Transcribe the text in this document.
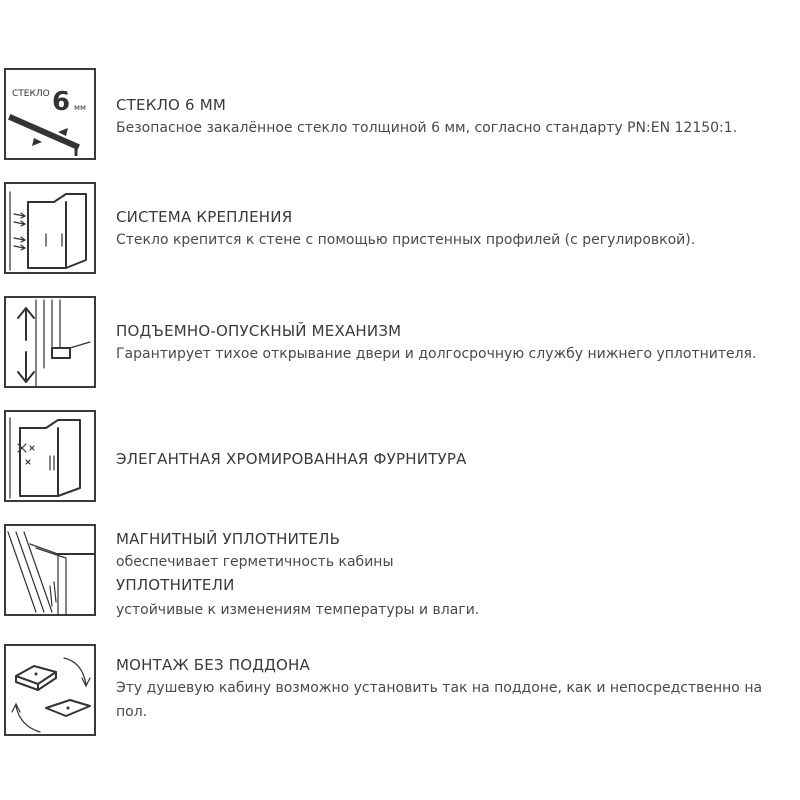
СТЕКЛО 6 мм СТЕКЛО 6 ММ
Безопасное закалённое стекло толщиной 6 мм, согласно стандарту PN:EN 12150:1.
СИСТЕМА КРЕПЛЕНИЯ
Стекло крепится к стене с помощью пристенных профилей (с регулировкой).
ПОДЪЕМНО-ОПУСКНЫЙ МЕХАНИЗМ
Гарантирует тихое открывание двери и долгосрочную службу нижнего уплотнителя.
ЭЛЕГАНТНАЯ ХРОМИРОВАННАЯ ФУРНИТУРА
МАГНИТНЫЙ УПЛОТНИТЕЛЬ
обеспечивает герметичность кабины
УПЛОТНИТЕЛИ
устойчивые к изменениям температуры и влаги.
МОНТАЖ БЕЗ ПОДДОНА
Эту душевую кабину возможно установить так на поддоне, как и непосредственно на
пол.
